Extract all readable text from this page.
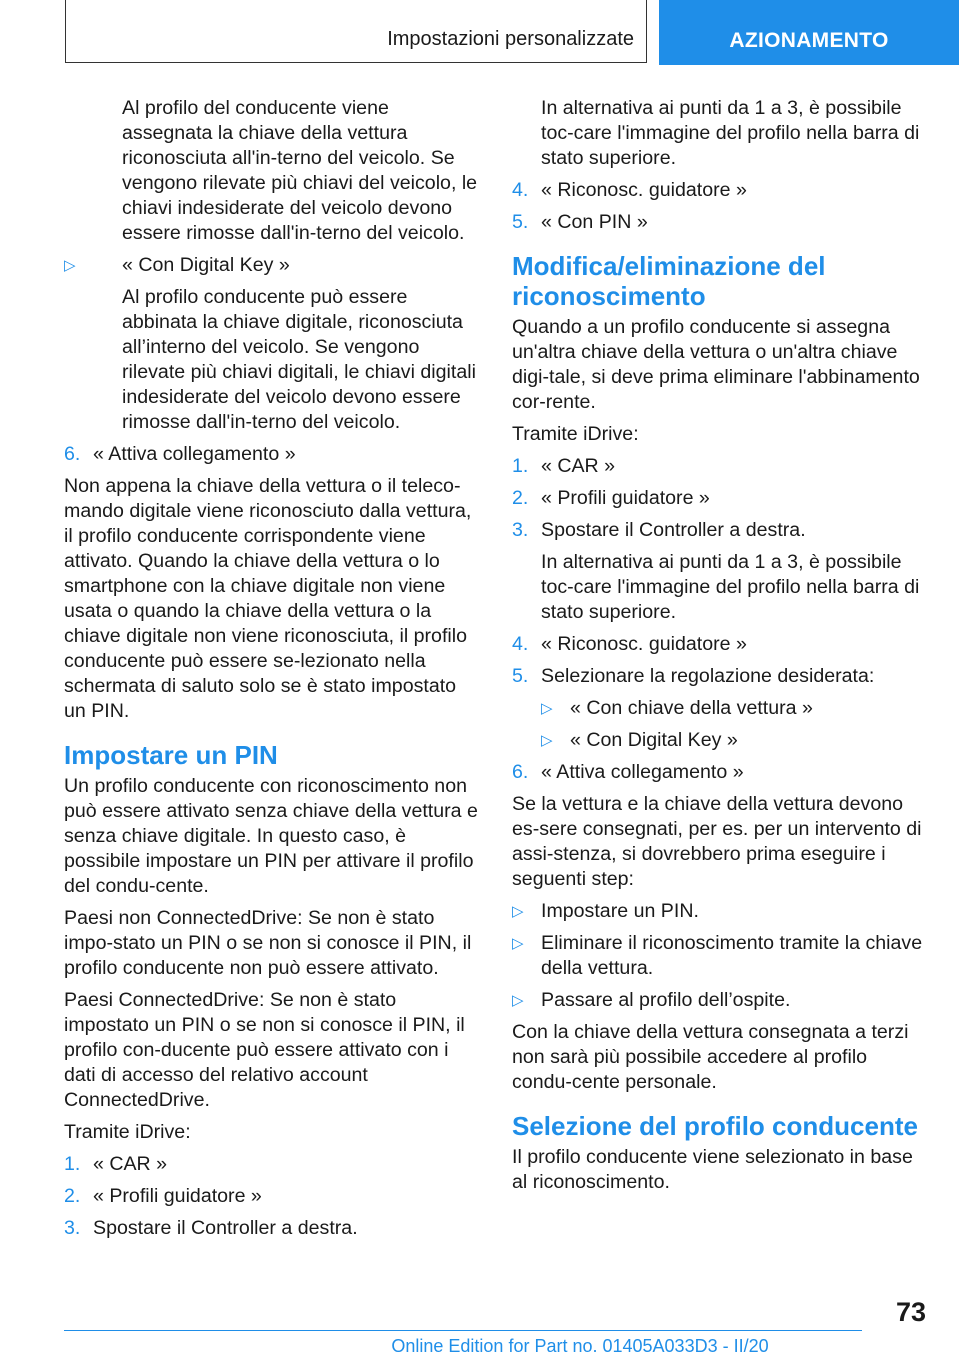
Impostazioni personalizzate	AZIONAMENTO

Al profilo del conducente viene assegnata la chiave della vettura riconosciuta all'in-terno del veicolo. Se vengono rilevate più chiavi del veicolo, le chiavi indesiderate del veicolo devono essere rimosse dall'in-terno del veicolo.

▷	« Con Digital Key »

Al profilo conducente può essere abbinata la chiave digitale, riconosciuta all’interno del veicolo. Se vengono rilevate più chiavi digitali, le chiavi digitali indesiderate del veicolo devono essere rimosse dall'in-terno del veicolo.

6. « Attiva collegamento »

Non appena la chiave della vettura o il teleco-mando digitale viene riconosciuto dalla vettura, il profilo conducente corrispondente viene attivato. Quando la chiave della vettura o lo smartphone con la chiave digitale non viene usata o quando la chiave della vettura o la chiave digitale non viene riconosciuta, il profilo conducente può essere se-lezionato nella schermata di saluto solo se è stato impostato un PIN.

Impostare un PIN

Un profilo conducente con riconoscimento non può essere attivato senza chiave della vettura e senza chiave digitale. In questo caso, è possibile impostare un PIN per attivare il profilo del condu-cente.

Paesi non ConnectedDrive: Se non è stato impo-stato un PIN o se non si conosce il PIN, il profilo conducente non può essere attivato.

Paesi ConnectedDrive: Se non è stato impostato un PIN o se non si conosce il PIN, il profilo con-ducente può essere attivato con i dati di accesso del relativo account ConnectedDrive.

Tramite iDrive:

1. « CAR »
2. « Profili guidatore »
3. Spostare il Controller a destra.

In alternativa ai punti da 1 a 3, è possibile toc-care l'immagine del profilo nella barra di stato superiore.

4. « Riconosc. guidatore »
5. « Con PIN »
Modifica/eliminazione del riconoscimento

Quando a un profilo conducente si assegna un'altra chiave della vettura o un'altra chiave digi-tale, si deve prima eliminare l'abbinamento cor-rente.

Tramite iDrive:

1. « CAR »
2. « Profili guidatore »
3. Spostare il Controller a destra.

In alternativa ai punti da 1 a 3, è possibile toc-care l'immagine del profilo nella barra di stato superiore.

4. « Riconosc. guidatore »
5. Selezionare la regolazione desiderata:
▷ « Con chiave della vettura »
▷ « Con Digital Key »
6. « Attiva collegamento »

Se la vettura e la chiave della vettura devono es-sere consegnati, per es. per un intervento di assi-stenza, si dovrebbero prima eseguire i seguenti step:

▷ Impostare un PIN.
▷ Eliminare il riconoscimento tramite la chiave della vettura.
▷ Passare al profilo dell’ospite.

Con la chiave della vettura consegnata a terzi non sarà più possibile accedere al profilo condu-cente personale.

Selezione del profilo conducente

Il profilo conducente viene selezionato in base al riconoscimento.

73
Online Edition for Part no. 01405A033D3 - II/20
